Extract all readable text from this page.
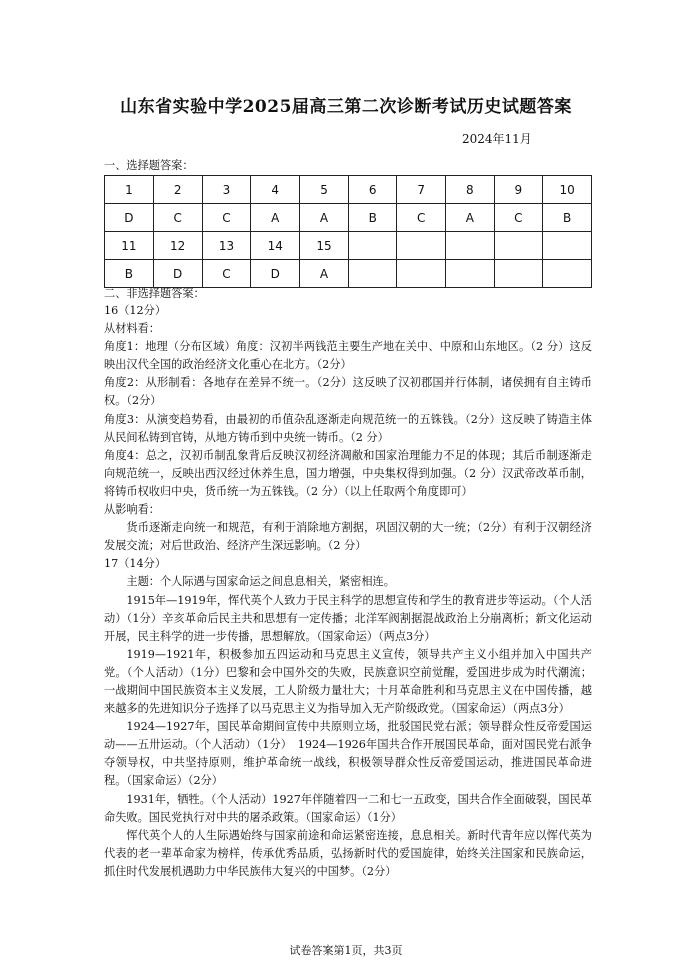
山东省实验中学2025届高三第二次诊断考试历史试题答案
2024年11月
一、选择题答案：
1	2	3	4	5	6	7	8	9	10
D	C	C	A	A	B	C	A	C	B
11	12	13	14	15					
B	D	C	D	A					
二、非选择题答案：

16（12分）

从材料看：

角度1：地理（分布区域）角度：汉初半两钱范主要生产地在关中、中原和山东地区。（2 分）这反映出汉代全国的政治经济文化重心在北方。（2分）

角度2：从形制看：各地存在差异不统一。（2分）这反映了汉初郡国并行体制，诸侯拥有自主铸币权。（2分）

角度3：从演变趋势看，由最初的币值杂乱逐渐走向规范统一的五铢钱。（2分）这反映了铸造主体从民间私铸到官铸，从地方铸币到中央统一铸币。（2 分）

角度4：总之，汉初币制乱象背后反映汉初经济凋敝和国家治理能力不足的体现；其后币制逐渐走向规范统一，反映出西汉经过休养生息，国力增强，中央集权得到加强。（2 分）汉武帝改革币制，将铸币权收归中央，货币统一为五铢钱。（2 分）（以上任取两个角度即可）

从影响看：

货币逐渐走向统一和规范，有利于消除地方割据，巩固汉朝的大一统；（2分）有利于汉朝经济发展交流；对后世政治、经济产生深远影响。（2 分）

17（14分）

主题：个人际遇与国家命运之间息息相关，紧密相连。

1915年—1919年，恽代英个人致力于民主科学的思想宣传和学生的教育进步等运动。（个人活动）（1分）辛亥革命后民主共和思想有一定传播；北洋军阀割据混战政治上分崩离析；新文化运动开展，民主科学的进一步传播，思想解放。（国家命运）（两点3分）

1919—1921年，积极参加五四运动和马克思主义宣传，领导共产主义小组并加入中国共产党。（个人活动）（1分）巴黎和会中国外交的失败，民族意识空前觉醒，爱国进步成为时代潮流；一战期间中国民族资本主义发展，工人阶级力量壮大；十月革命胜利和马克思主义在中国传播，越来越多的先进知识分子选择了以马克思主义为指导加入无产阶级政党。（国家命运）（两点3分）

1924—1927年，国民革命期间宣传中共原则立场，批驳国民党右派；领导群众性反帝爱国运动——五卅运动。（个人活动）（1分）　1924—1926年国共合作开展国民革命，面对国民党右派争夺领导权，中共坚持原则，维护革命统一战线，积极领导群众性反帝爱国运动，推进国民革命进程。（国家命运）（2分）

1931年，牺牲。（个人活动）1927年伴随着四一二和七一五政变，国共合作全面破裂，国民革命失败。国民党执行对中共的屠杀政策。（国家命运）（1分）

恽代英个人的人生际遇始终与国家前途和命运紧密连接，息息相关。新时代青年应以恽代英为代表的老一辈革命家为榜样，传承优秀品质，弘扬新时代的爱国旋律，始终关注国家和民族命运，抓住时代发展机遇助力中华民族伟大复兴的中国梦。（2分）

试卷答案第1页，共3页
